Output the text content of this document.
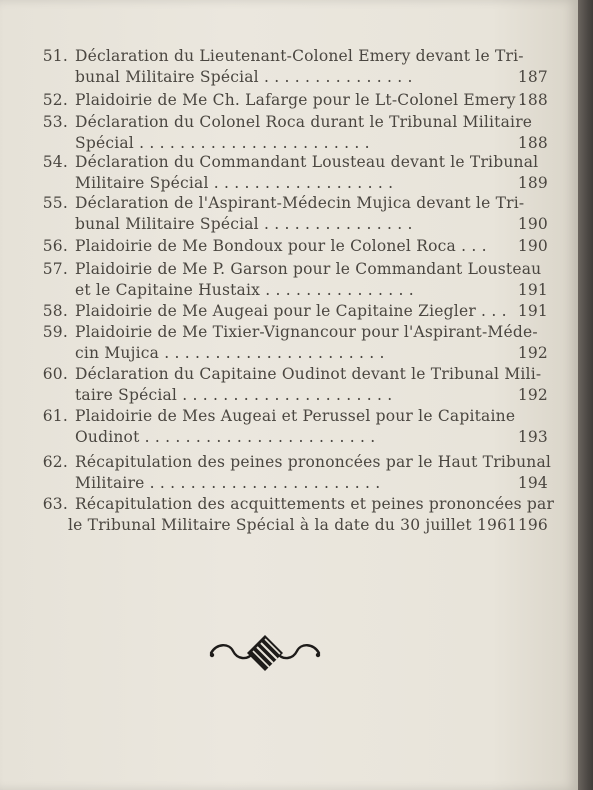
51. Déclaration du Lieutenant-Colonel Emery devant le Tri-
bunal Militaire Spécial . . . . . . . . . . . . . . .	187
52. Plaidoirie de Me Ch. Lafarge pour le Lt-Colonel Emery .
188
53. Déclaration du Colonel Roca durant le Tribunal Militaire
Spécial . . . . . . . . . . . . . . . . . . . . . . .	188
54. Déclaration du Commandant Lousteau devant le Tribunal
Militaire Spécial . . . . . . . . . . . . . . . . . .	189
55. Déclaration de l'Aspirant-Médecin Mujica devant le Tri-
bunal Militaire Spécial . . . . . . . . . . . . . . .	190
56. Plaidoirie de Me Bondoux pour le Colonel Roca . . . 190
57. Plaidoirie de Me P. Garson pour le Commandant Lousteau
et le Capitaine Hustaix . . . . . . . . . . . . . . .	191
58. Plaidoirie de Me Augeai pour le Capitaine Ziegler . . . 191
59. Plaidoirie de Me Tixier-Vignancour pour l'Aspirant-Méde-
cin Mujica . . . . . . . . . . . . . . . . . . . . . .	192
60. Déclaration du Capitaine Oudinot devant le Tribunal Mili-
taire Spécial . . . . . . . . . . . . . . . . . . . . .	192
61. Plaidoirie de Mes Augeai et Perussel pour le Capitaine
Oudinot . . . . . . . . . . . . . . . . . . . . . . .	193
62. Récapitulation des peines prononcées par le Haut Tribunal
Militaire . . . . . . . . . . . . . . . . . . . . . . .	194
63. Récapitulation des acquittements et peines prononcées par
le Tribunal Militaire Spécial à la date du 30 juillet 1961 196
